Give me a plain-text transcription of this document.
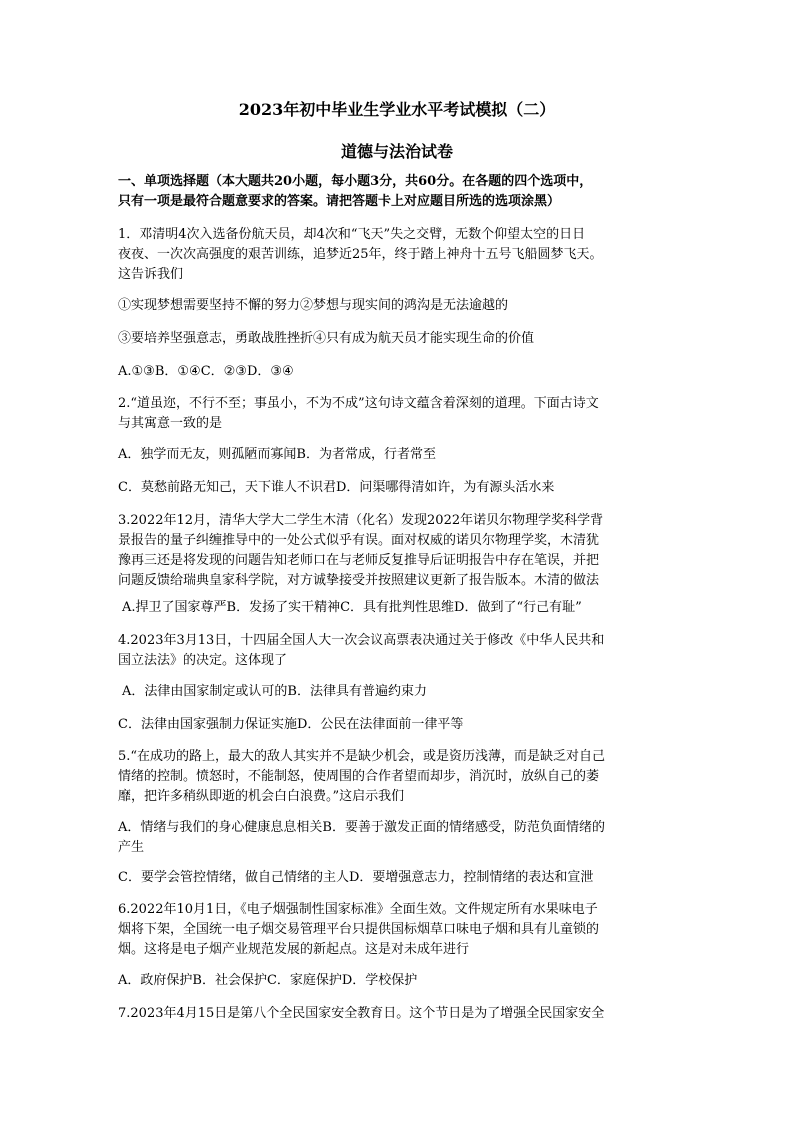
2023年初中毕业生学业水平考试模拟（二）
道德与法治试卷

一、单项选择题（本大题共20小题，每小题3分，共60分。在各题的四个选项中，
只有一项是最符合题意要求的答案。请把答题卡上对应题目所选的选项涂黑）

1．邓清明4次入选备份航天员，却4次和“飞天”失之交臂，无数个仰望太空的日日
夜夜、一次次高强度的艰苦训练，追梦近25年，终于踏上神舟十五号飞船圆梦飞天。
这告诉我们

①实现梦想需要坚持不懈的努力②梦想与现实间的鸿沟是无法逾越的

③要培养坚强意志，勇敢战胜挫折④只有成为航天员才能实现生命的价值

A.①③B．①④C．②③D．③④

2.“道虽迩，不行不至；事虽小，不为不成”这句诗文蕴含着深刻的道理。下面古诗文
与其寓意一致的是

A．独学而无友，则孤陋而寡闻B．为者常成，行者常至

C．莫愁前路无知己，天下谁人不识君D．问渠哪得清如许，为有源头活水来

3.2022年12月，清华大学大二学生木清（化名）发现2022年诺贝尔物理学奖科学背
景报告的量子纠缠推导中的一处公式似乎有误。面对权威的诺贝尔物理学奖，木清犹
豫再三还是将发现的问题告知老师口在与老师反复推导后证明报告中存在笔误，并把
问题反馈给瑞典皇家科学院，对方诚挚接受并按照建议更新了报告版本。木清的做法

A.捍卫了国家尊严B．发扬了实干精神C．具有批判性思维D．做到了“行己有耻”

4.2023年3月13日，十四届全国人大一次会议高票表决通过关于修改《中华人民共和
国立法法》的决定。这体现了

A．法律由国家制定或认可的B．法律具有普遍约束力

C．法律由国家强制力保证实施D．公民在法律面前一律平等

5.“在成功的路上，最大的敌人其实并不是缺少机会，或是资历浅薄，而是缺乏对自己
情绪的控制。愤怒时，不能制怒，使周围的合作者望而却步，消沉时，放纵自己的萎
靡，把许多稍纵即逝的机会白白浪费。”这启示我们

A．情绪与我们的身心健康息息相关B．要善于激发正面的情绪感受，防范负面情绪的
产生

C．要学会管控情绪，做自己情绪的主人D．要增强意志力，控制情绪的表达和宣泄

6.2022年10月1日，《电子烟强制性国家标准》全面生效。文件规定所有水果味电子
烟将下架，全国统一电子烟交易管理平台只提供国标烟草口味电子烟和具有儿童锁的
烟。这将是电子烟产业规范发展的新起点。这是对未成年进行

A．政府保护B．社会保护C．家庭保护D．学校保护

7.2023年4月15日是第八个全民国家安全教育日。这个节日是为了增强全民国家安全
